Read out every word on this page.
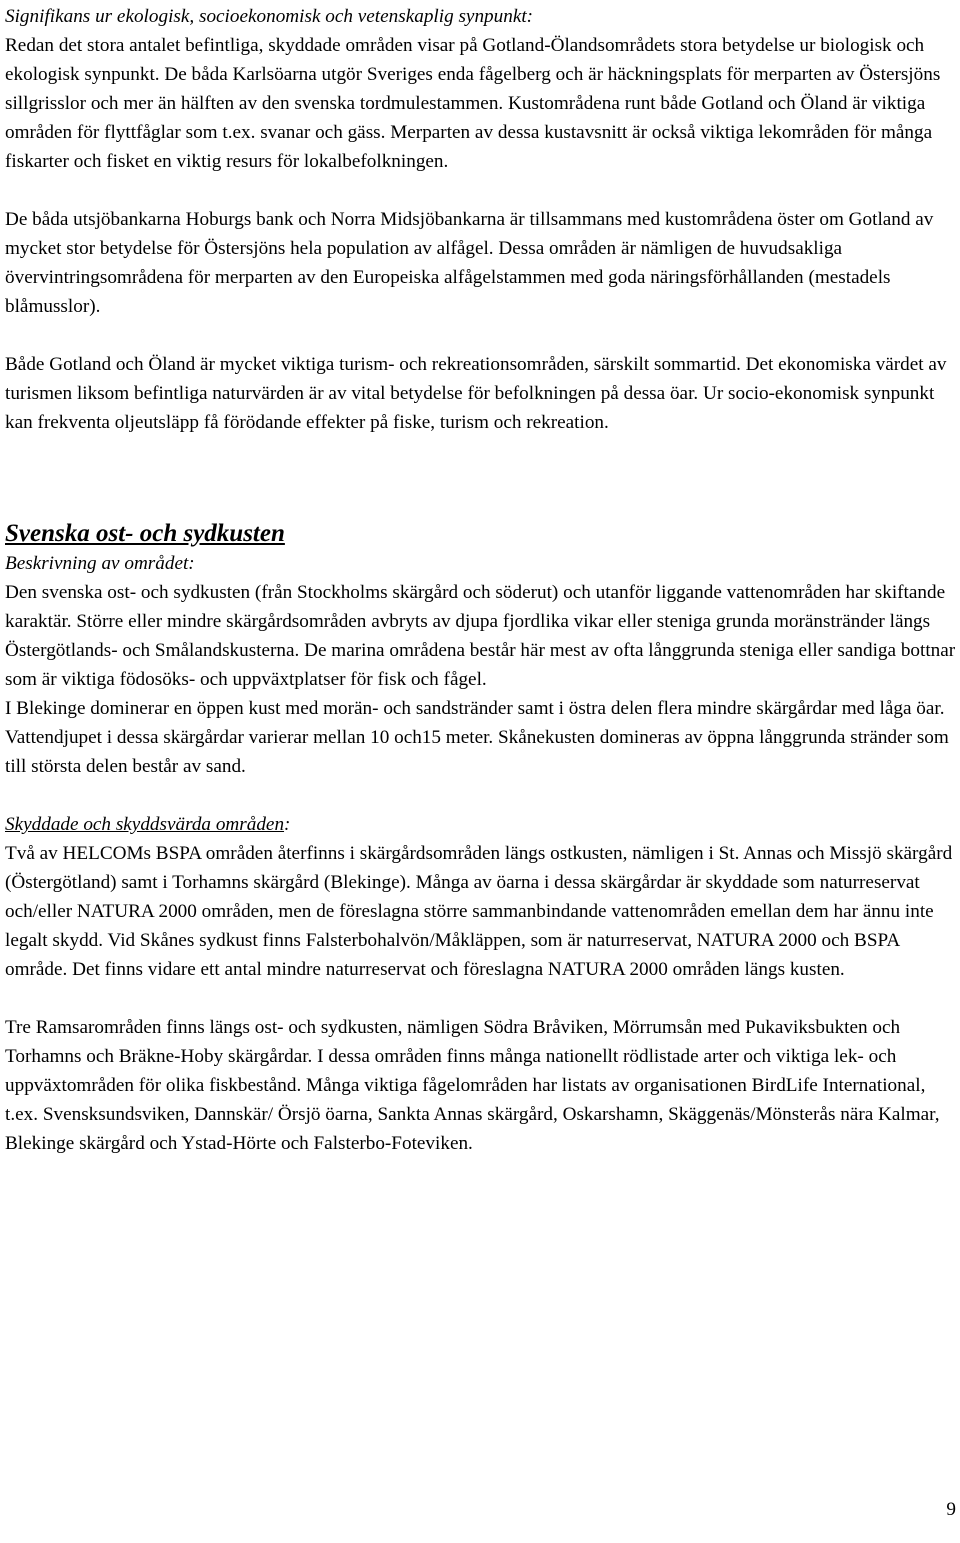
Signifikans ur ekologisk, socioekonomisk och vetenskaplig synpunkt:
Redan det stora antalet befintliga, skyddade områden visar på Gotland-Ölandsområdets stora betydelse ur biologisk och ekologisk synpunkt. De båda Karlsöarna utgör Sveriges enda fågelberg och är häckningsplats för merparten av Östersjöns sillgrisslor och mer än hälften av den svenska tordmulestammen. Kustområdena runt både Gotland och Öland är viktiga områden för flyttfåglar som t.ex. svanar och gäss. Merparten av dessa kustavsnitt är också viktiga lekområden för många fiskarter och fisket en viktig resurs för lokalbefolkningen.

De båda utsjöbankarna Hoburgs bank och Norra Midsjöbankarna är tillsammans med kustområdena öster om Gotland av mycket stor betydelse för Östersjöns hela population av alfågel. Dessa områden är nämligen de huvudsakliga övervintringsområdena för merparten av den Europeiska alfågelstammen med goda näringsförhållanden (mestadels blåmusslor).

Både Gotland och Öland är mycket viktiga turism- och rekreationsområden, särskilt sommartid. Det ekonomiska värdet av turismen liksom befintliga naturvärden är av vital betydelse för befolkningen på dessa öar. Ur socio-ekonomisk synpunkt kan frekventa oljeutsläpp få förödande effekter på fiske, turism och rekreation.

Svenska ost- och sydkusten

Beskrivning av området:
Den svenska ost- och sydkusten (från Stockholms skärgård och söderut) och utanför liggande vattenområden har skiftande karaktär. Större eller mindre skärgårdsområden avbryts av djupa fjordlika vikar eller steniga grunda moränstränder längs Östergötlands- och Smålandskusterna. De marina områdena består här mest av ofta långgrunda steniga eller sandiga bottnar som är viktiga födosöks- och uppväxtplatser för fisk och fågel.
I Blekinge dominerar en öppen kust med morän- och sandstränder samt i östra delen flera mindre skärgårdar med låga öar. Vattendjupet i dessa skärgårdar varierar mellan 10 och15 meter. Skånekusten domineras av öppna långgrunda stränder som till största delen består av sand.

Skyddade och skyddsvärda områden:
Två av HELCOMs BSPA områden återfinns i skärgårdsområden längs ostkusten, nämligen i St. Annas och Missjö skärgård (Östergötland) samt i Torhamns skärgård (Blekinge). Många av öarna i dessa skärgårdar är skyddade som naturreservat och/eller NATURA 2000 områden, men de föreslagna större sammanbindande vattenområden emellan dem har ännu inte legalt skydd. Vid Skånes sydkust finns Falsterbohalvön/Måkläppen, som är naturreservat, NATURA 2000 och BSPA område. Det finns vidare ett antal mindre naturreservat och föreslagna NATURA 2000 områden längs kusten.

Tre Ramsarområden finns längs ost- och sydkusten, nämligen Södra Bråviken, Mörrumsån med Pukaviksbukten och Torhamns och Bräkne-Hoby skärgårdar. I dessa områden finns många nationellt rödlistade arter och viktiga lek- och uppväxtområden för olika fiskbestånd. Många viktiga fågelområden har listats av organisationen BirdLife International, t.ex. Svensksundsviken, Dannskär/ Örsjö öarna, Sankta Annas skärgård, Oskarshamn, Skäggenäs/Mönsterås nära Kalmar, Blekinge skärgård och Ystad-Hörte och Falsterbo-Foteviken.

9
